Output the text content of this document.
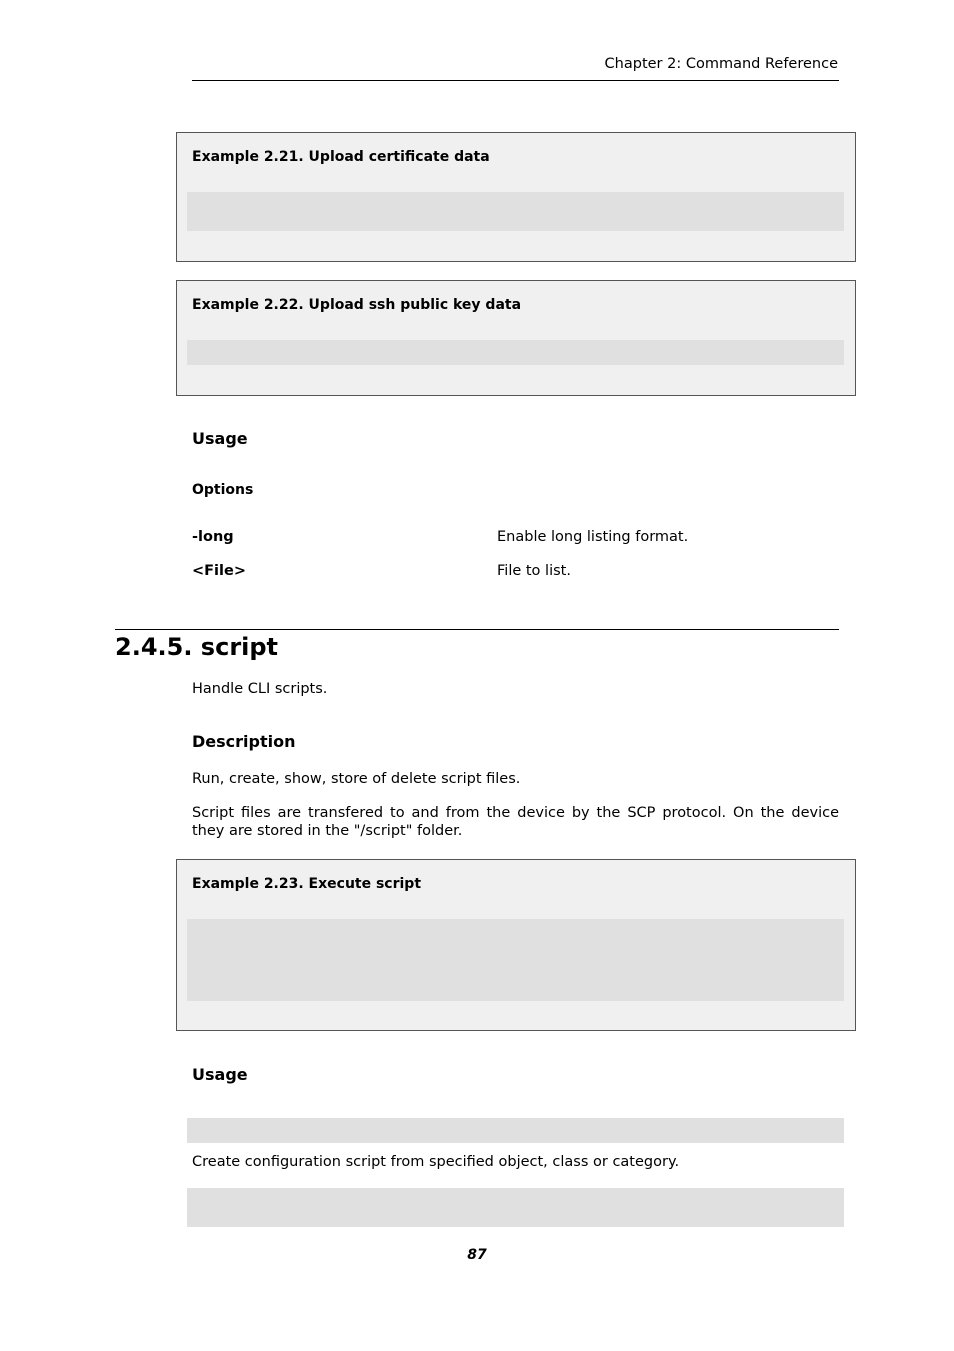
Chapter 2: Command Reference
Example 2.21. Upload certificate data
Example 2.22. Upload ssh public key data
Usage
Options
-long	Enable long listing format.
<File>	File to list.
2.4.5. script
Handle CLI scripts.
Description
Run, create, show, store of delete script files.
Script files are transfered to and from the device by the SCP protocol. On the device they are stored in the "/script" folder.
Example 2.23. Execute script
Usage
Create configuration script from specified object, class or category.
87
